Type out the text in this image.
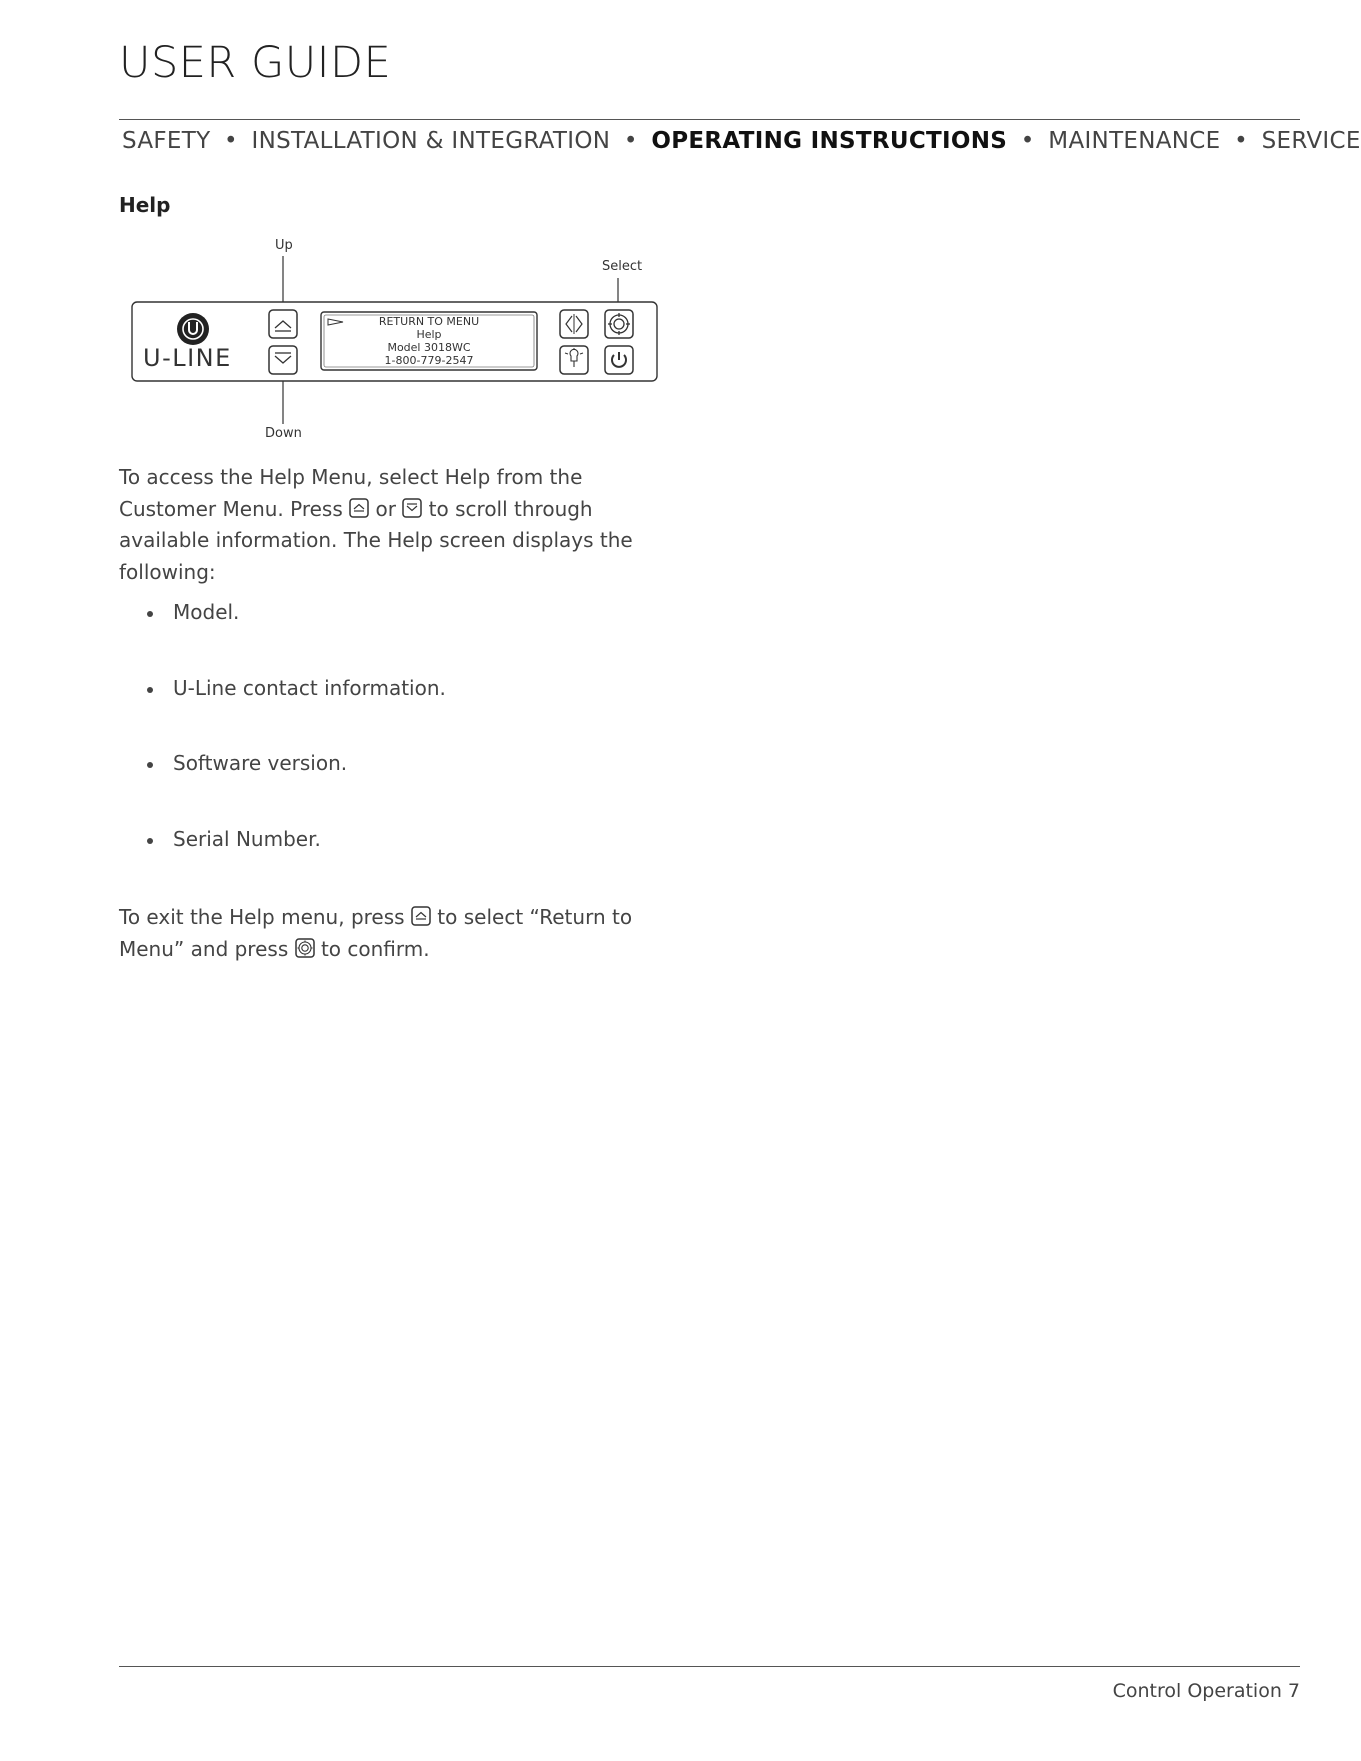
USER GUIDE
SAFETY • INSTALLATION & INTEGRATION • OPERATING INSTRUCTIONS • MAINTENANCE • SERVICE
Help
Up
Select
Down
U-LINE
RETURN TO MENU
Help
Model 3018WC
1-800-779-2547

To access the Help Menu, select Help from the Customer Menu. Press  or  to scroll through available information. The Help screen displays the following:

Model.
U-Line contact information.
Software version.
Serial Number.

To exit the Help menu, press  to select “Return to Menu” and press  to confirm.

Control Operation 7
